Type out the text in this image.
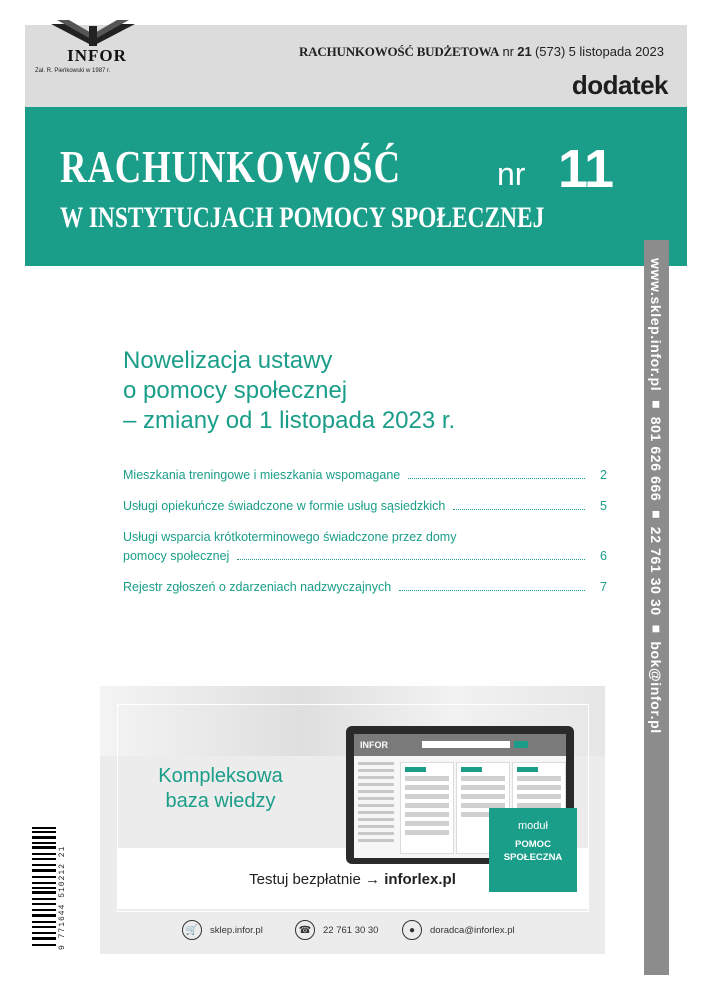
INFOR
Zał. R. Pieńkowski w 1987 r.
RACHUNKOWOŚĆ BUDŻETOWA nr 21 (573) 5 listopada 2023
dodatek
RACHUNKOWOŚĆ	nr 11
W INSTYTUCJACH POMOCY SPOŁECZNEJ
www.sklep.infor.pl ■ 801 626 666 ■ 22 761 30 30 ■ bok@infor.pl
Nowelizacja ustawy
o pomocy społecznej
– zmiany od 1 listopada 2023 r.
Mieszkania treningowe i mieszkania wspomagane	2
Usługi opiekuńcze świadczone w formie usług sąsiedzkich	5
Usługi wsparcia krótkoterminowego świadczone przez domy
pomocy społecznej	6
Rejestr zgłoszeń o zdarzeniach nadzwyczajnych	7
Kompleksowa
baza wiedzy
INFOR
moduł
POMOC
SPOŁECZNA
Testuj bezpłatnie → inforlex.pl
🛒	sklep.infor.pl	☎	22 761 30 30	●	doradca@inforlex.pl
9 771644 510212 21
